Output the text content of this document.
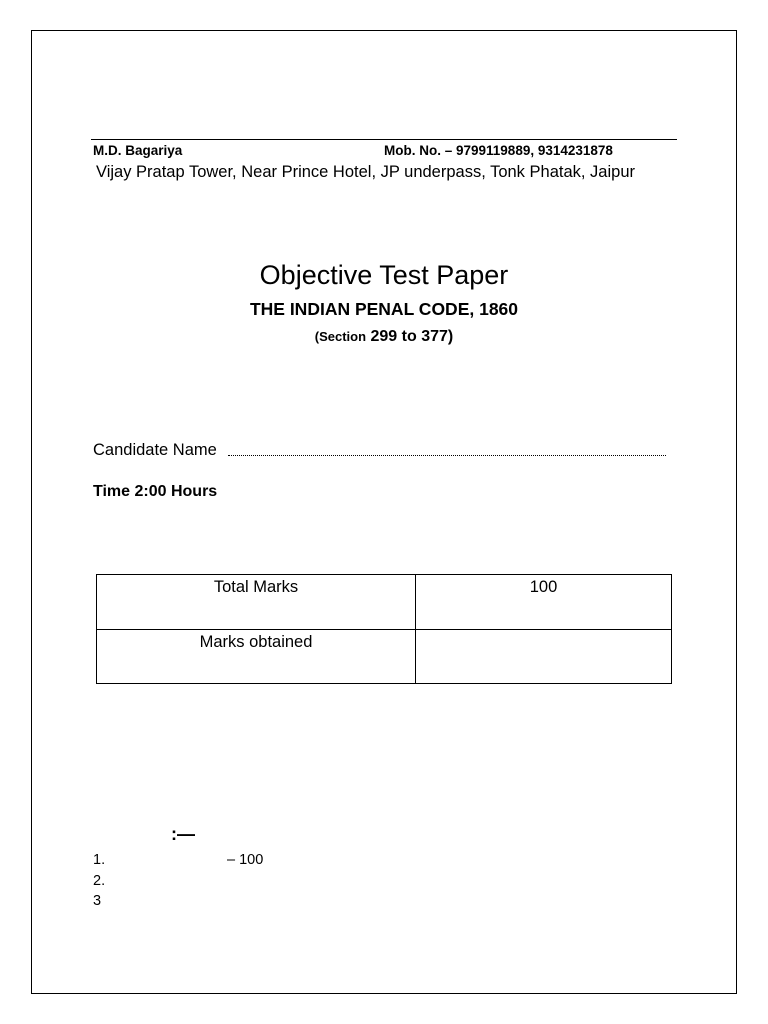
M.D. Bagariya	Mob. No. – 9799119889, 9314231878
Vijay Pratap Tower, Near Prince Hotel, JP underpass, Tonk Phatak, Jaipur
Objective Test Paper
THE INDIAN PENAL CODE, 1860
(Section 299 to 377)
Candidate Name
Time 2:00 Hours
Total Marks	100
Marks obtained	
:—
1.	– 100
2.
3
